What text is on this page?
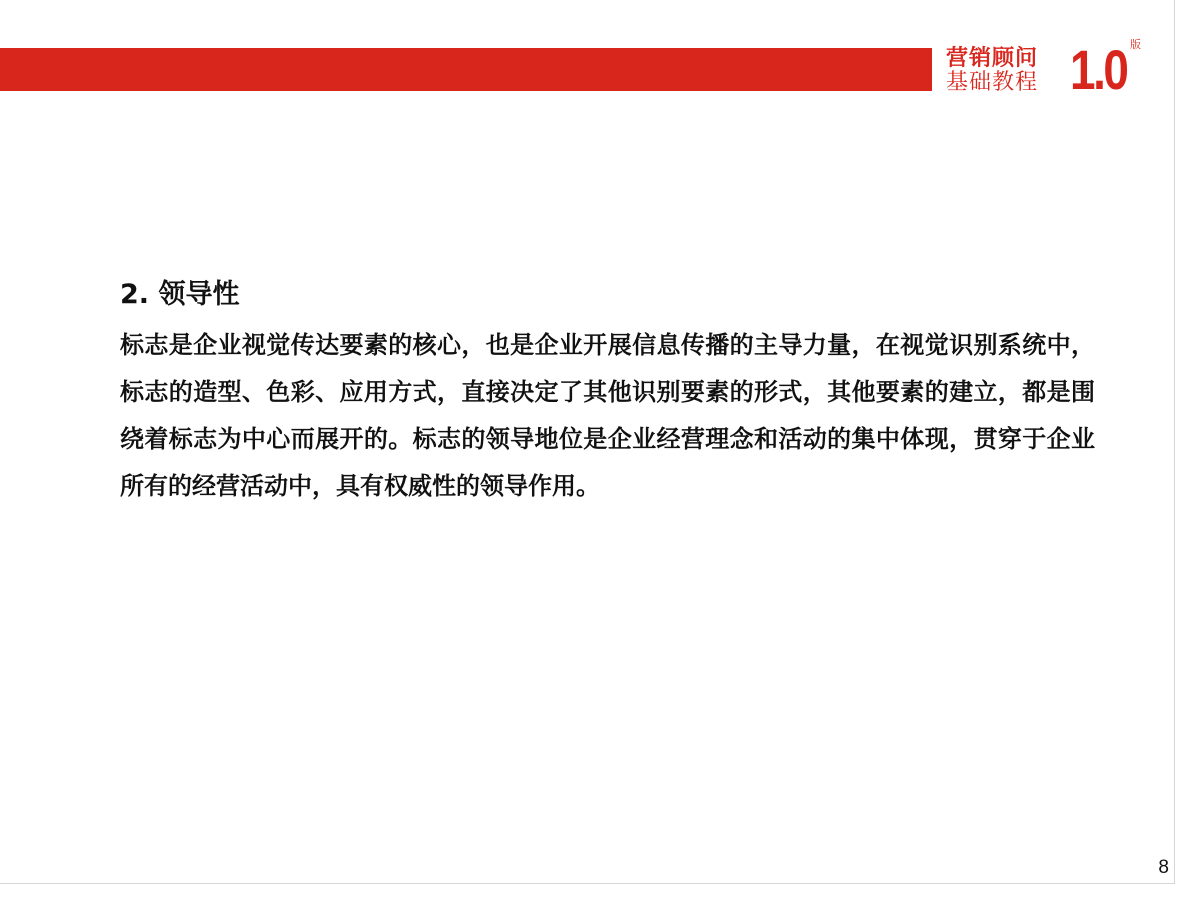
营销顾问
基础教程 1.0 版
2. 领导性

标志是企业视觉传达要素的核心，也是企业开展信息传播的主导力量，在视觉识别系统中，标志的造型、色彩、应用方式，直接决定了其他识别要素的形式，其他要素的建立，都是围绕着标志为中心而展开的。标志的领导地位是企业经营理念和活动的集中体现，贯穿于企业所有的经营活动中，具有权威性的领导作用。

8
